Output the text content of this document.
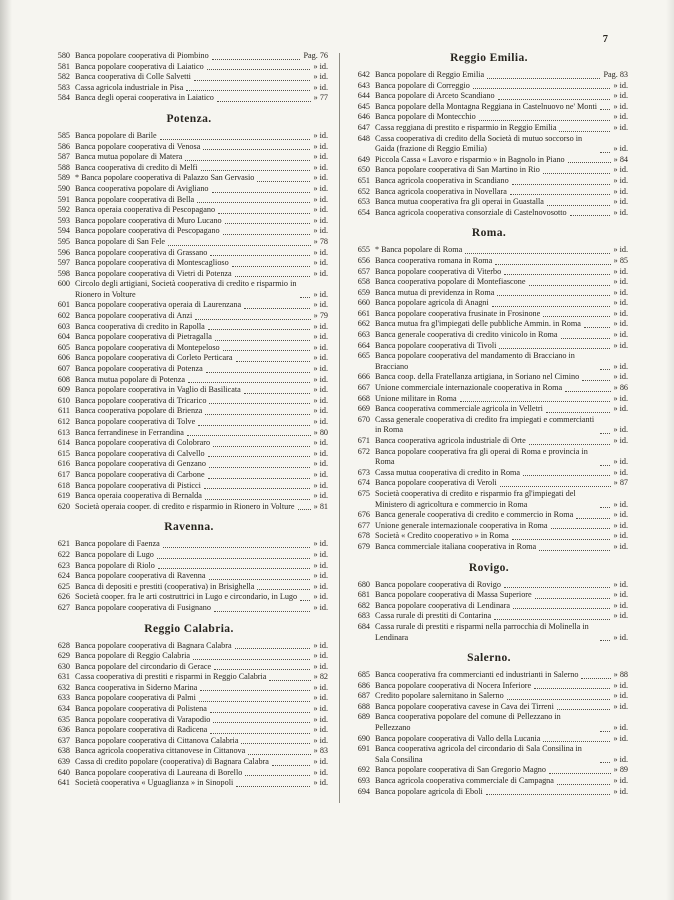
7
580 Banca popolare cooperativa di Piombino	Pag. 76
581 Banca popolare cooperativa di Laiatico	» id.
582 Banca cooperativa di Colle Salvetti	» id.
583 Cassa agricola industriale in Pisa	» id.
584 Banca degli operai cooperativa in Laiatico	» 77
Potenza.
585 Banca popolare di Barile	» id.
586 Banca popolare cooperativa di Venosa	» id.
587 Banca mutua popolare di Matera	» id.
588 Banca cooperativa di credito di Melfi	» id.
589 * Banca popolare cooperativa di Palazzo San Gervasio	» id.
590 Banca cooperativa popolare di Avigliano	» id.
591 Banca popolare cooperativa di Bella	» id.
592 Banca operaia cooperativa di Pescopagano	» id.
593 Banca popolare cooperativa di Muro Lucano	» id.
594 Banca popolare cooperativa di Pescopagano	» id.
595 Banca popolare di San Fele	» 78
596 Banca popolare cooperativa di Grassano	» id.
597 Banca popolare cooperativa di Montescaglioso	» id.
598 Banca popolare cooperativa di Vietri di Potenza	» id.
600 Circolo degli artigiani, Società cooperativa di credito e risparmio in Rionero in Volture	» id.
601 Banca popolare cooperativa operaia di Laurenzana	» id.
602 Banca popolare cooperativa di Anzi	» 79
603 Banca cooperativa di credito in Rapolla	» id.
604 Banca popolare cooperativa di Pietragalla	» id.
605 Banca popolare cooperativa di Montepeloso	» id.
606 Banca popolare cooperativa di Corleto Perticara	» id.
607 Banca popolare cooperativa di Potenza	» id.
608 Banca mutua popolare di Potenza	» id.
609 Banca popolare cooperativa in Vaglio di Basilicata	» id.
610 Banca popolare cooperativa di Tricarico	» id.
611 Banca cooperativa popolare di Brienza	» id.
612 Banca popolare cooperativa di Tolve	» id.
613 Banca ferrandinese in Ferrandina	» 80
614 Banca popolare cooperativa di Colobraro	» id.
615 Banca popolare cooperativa di Calvello	» id.
616 Banca popolare cooperativa di Genzano	» id.
617 Banca popolare cooperativa di Carbone	» id.
618 Banca popolare cooperativa di Pisticci	» id.
619 Banca operaia cooperativa di Bernalda	» id.
620 Società operaia cooper. di credito e risparmio in Rionero in Volture » 81
Ravenna.
621 Banca popolare di Faenza	» id.
622 Banca popolare di Lugo	» id.
623 Banca popolare di Riolo	» id.
624 Banca popolare cooperativa di Ravenna	» id.
625 Banca di depositi e prestiti (cooperativa) in Brisighella	» id.
626 Società cooper. fra le arti costruttrici in Lugo e circondario, in Lugo » id.
627 Banca popolare cooperativa di Fusignano	» id.
Reggio Calabria.
628 Banca popolare cooperativa di Bagnara Calabra	» id.
629 Banca popolare di Reggio Calabria	» id.
630 Banca popolare del circondario di Gerace	» id.
631 Cassa cooperativa di prestiti e risparmi in Reggio Calabria	» 82
632 Banca cooperativa in Siderno Marina	» id.
633 Banca popolare cooperativa di Palmi	» id.
634 Banca popolare cooperativa di Polistena	» id.
635 Banca popolare cooperativa di Varapodio	» id.
636 Banca popolare cooperativa di Radicena	» id.
637 Banca popolare cooperativa di Cittanova Calabria	» id.
638 Banca agricola cooperativa cittanovese in Cittanova	» 83
639 Cassa di credito popolare (cooperativa) di Bagnara Calabra	» id.
640 Banca popolare cooperativa di Laureana di Borello	» id.
641 Società cooperativa « Uguaglianza » in Sinopoli	» id.
Reggio Emilia.
642 Banca popolare di Reggio Emilia	Pag. 83
643 Banca popolare di Correggio	» id.
644 Banca popolare di Arceto Scandiano	» id.
645 Banca popolare della Montagna Reggiana in Castelnuovo ne' Monti » id.
646 Banca popolare di Montecchio	» id.
647 Cassa reggiana di prestito e risparmio in Reggio Emilia	» id.
648 Cassa cooperativa di credito della Società di mutuo soccorso in Gaida (frazione di Reggio Emilia)	» id.
649 Piccola Cassa « Lavoro e risparmio » in Bagnolo in Piano	» 84
650 Banca popolare cooperativa di San Martino in Rio	» id.
651 Banca agricola cooperativa in Scandiano	» id.
652 Banca agricola cooperativa in Novellara	» id.
653 Banca mutua cooperativa fra gli operai in Guastalla	» id.
654 Banca agricola cooperativa consorziale di Castelnovosotto	» id.
Roma.
655 * Banca popolare di Roma	» id.
656 Banca cooperativa romana in Roma	» 85
657 Banca popolare cooperativa di Viterbo	» id.
658 Banca cooperativa popolare di Montefiascone	» id.
659 Banca mutua di previdenza in Roma	» id.
660 Banca popolare agricola di Anagni	» id.
661 Banca popolare cooperativa frusinate in Frosinone	» id.
662 Banca mutua fra gl'impiegati delle pubbliche Ammin. in Roma	» id.
663 Banca generale cooperativa di credito vinicolo in Roma	» id.
664 Banca popolare cooperativa di Tivoli	» id.
665 Banca popolare cooperativa del mandamento di Bracciano in Bracciano	» id.
666 Banca coop. della Fratellanza artigiana, in Soriano nel Cimino	» id.
667 Unione commerciale internazionale cooperativa in Roma	» 86
668 Unione militare in Roma	» id.
669 Banca cooperativa commerciale agricola in Velletri	» id.
670 Cassa generale cooperativa di credito fra impiegati e commercianti in Roma	» id.
671 Banca cooperativa agricola industriale di Orte	» id.
672 Banca popolare cooperativa fra gli operai di Roma e provincia in Roma	» id.
673 Cassa mutua cooperativa di credito in Roma	» id.
674 Banca popolare cooperativa di Veroli	» 87
675 Società cooperativa di credito e risparmio fra gl'impiegati del Ministero di agricoltura e commercio in Roma	» id.
676 Banca generale cooperativa di credito e commercio in Roma	» id.
677 Unione generale internazionale cooperativa in Roma	» id.
678 Società « Credito cooperativo » in Roma	» id.
679 Banca commerciale italiana cooperativa in Roma	» id.
Rovigo.
680 Banca popolare cooperativa di Rovigo	» id.
681 Banca popolare cooperativa di Massa Superiore	» id.
682 Banca popolare cooperativa di Lendinara	» id.
683 Cassa rurale di prestiti di Contarina	» id.
684 Cassa rurale di prestiti e risparmi nella parrocchia di Molinella in Lendinara	» id.
Salerno.
685 Banca cooperativa fra commercianti ed industrianti in Salerno	» 88
686 Banca popolare cooperativa di Nocera Inferiore	» id.
687 Credito popolare salernitano in Salerno	» id.
688 Banca popolare cooperativa cavese in Cava dei Tirreni	» id.
689 Banca cooperativa popolare del comune di Pellezzano in Pellezzano	» id.
690 Banca popolare cooperativa di Vallo della Lucania	» id.
691 Banca cooperativa agricola del circondario di Sala Consilina in Sala Consilina	» id.
692 Banca popolare cooperativa di San Gregorio Magno	» 89
693 Banca agricola cooperativa commerciale di Campagna	» id.
694 Banca popolare agricola di Eboli	» id.
